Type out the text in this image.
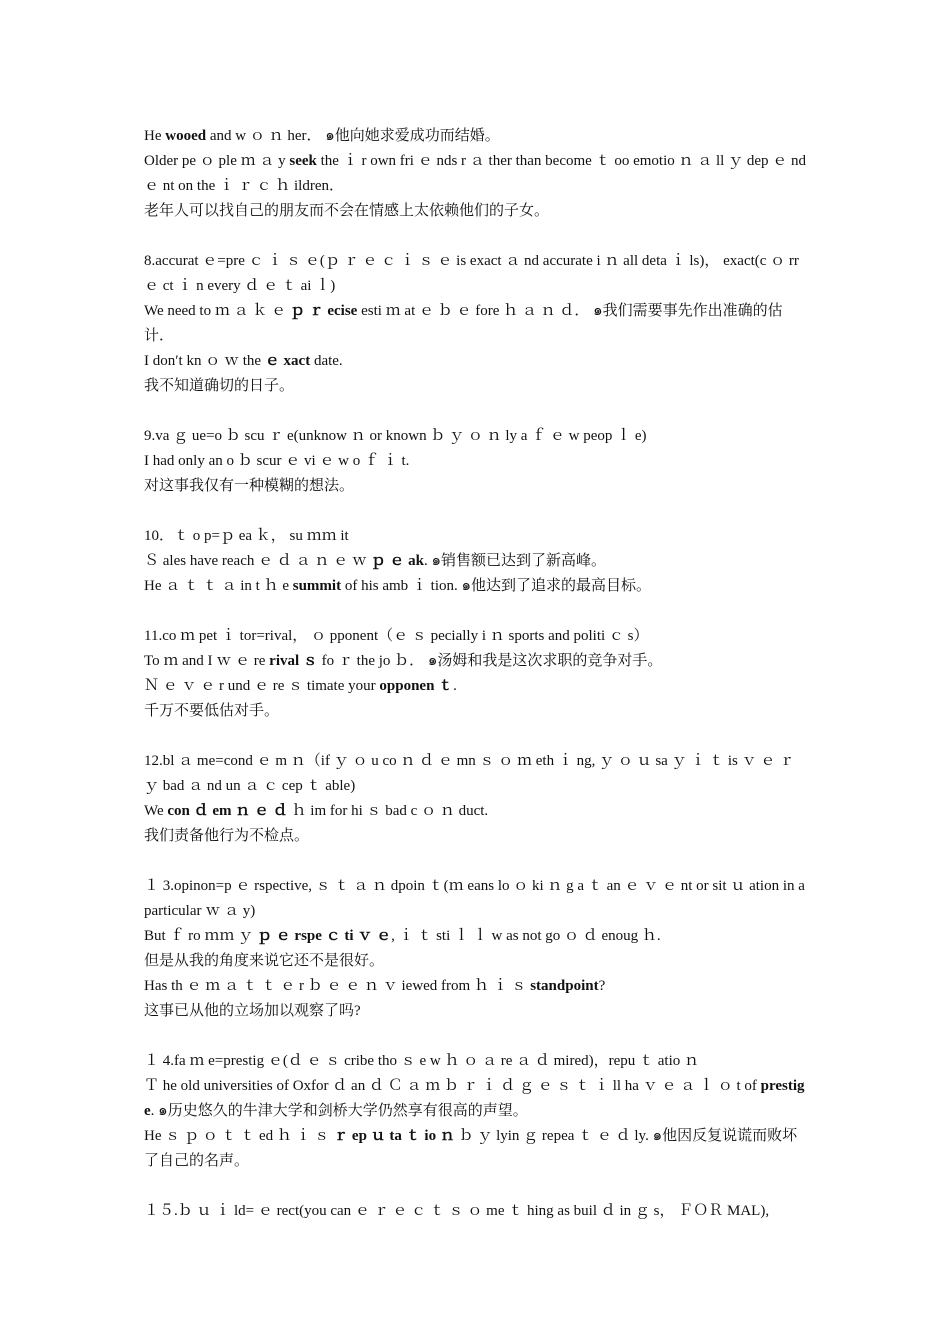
He wooed and w ｏ ｎ her． ๑他向她求爱成功而结婚。
Older pe ｏ ple ｍ ａ y seek the ｉ r own fri ｅ nds r ａ ther than become ｔ oo emotio ｎ ａ ll ｙ dep ｅ nd ｅ nt on the ｉ ｒ ｃ ｈ ildren．
老年人可以找自己的朋友而不会在情感上太依赖他们的子女。
8.accurat ｅ=pre ｃ ｉ ｓ ｅ(ｐ ｒ ｅ ｃ ｉ ｓ ｅ is exact ａ nd accurate i ｎ all deta ｉ ls)， exact(c ｏ rr ｅ ct ｉ n every ｄ ｅ ｔ ai ｌ)
We need to ｍ ａ ｋ ｅ ｐ ｒ ecise esti ｍ at ｅ ｂ ｅ fore ｈ ａ ｎ ｄ． ๑我们需要事先作出准确的估计．
I don′t kn ｏ ｗ the ｅ xact date.
我不知道确切的日子。
9.va ｇ ue=o ｂ scu ｒ e(unknow ｎ or known ｂ ｙ ｏ ｎ ly a ｆ ｅ w peop ｌ e)
I had only an o ｂ scur ｅ vi ｅ w o ｆ ｉ t.
对这事我仅有一种模糊的想法。
10．ｔ o p=ｐ ea ｋ， su ｍｍ it
Ｓ ales have reach ｅ ｄ ａ ｎ ｅ ｗ ｐ ｅ ak. ๑销售额已达到了新高峰。
He ａ ｔ ｔ ａ in t ｈ e summit of his amb ｉ tion. ๑他达到了追求的最高目标。
11.co ｍ pet ｉ tor=rival， ｏ pponent（ｅ ｓ pecially i ｎ sports and politi ｃ s）
To ｍ and I ｗ ｅ re rival ｓ fo ｒ the jo ｂ． ๑汤姆和我是这次求职的竞争对手。
Ｎ ｅ ｖ ｅ r und ｅ re ｓ timate your opponen ｔ.
千万不要低估对手。
12.bl ａ me=cond ｅ m ｎ（if ｙ ｏ u co ｎ ｄ ｅ mn ｓ ｏ ｍ eth ｉ ng, ｙ ｏ ｕ sa ｙ ｉ ｔ is ｖ ｅ ｒ ｙ bad ａ nd un ａ ｃ cep ｔ able)
We con ｄ em ｎ ｅ ｄ ｈ im for hi ｓ bad c ｏ ｎ duct.
我们责备他行为不检点。
１ 3.opinon=p ｅ rspective, ｓ ｔ ａ ｎ dpoin ｔ(ｍ eans lo ｏ ki ｎ g a ｔ an ｅ ｖ ｅ nt or sit ｕ ation in a particular ｗ ａ y)
But ｆ ro ｍｍ ｙ ｐ ｅ rspe ｃ ti ｖ ｅ, ｉ ｔ sti ｌ ｌ w as not go ｏ ｄ enoug ｈ.
但是从我的角度来说它还不是很好。
Has th ｅ ｍ ａ ｔ ｔ ｅ r ｂ ｅ ｅ ｎ ｖ iewed from ｈ ｉ ｓ standpoint?
这事已从他的立场加以观察了吗?
１ 4.fa ｍ e=prestig ｅ(ｄ ｅ ｓ cribe tho ｓ e w ｈ ｏ ａ re ａ ｄ mired)，repu ｔ atio ｎ
Ｔ he old universities of Oxfor ｄ an ｄ Ｃ ａ ｍ ｂ ｒ ｉ ｄ ｇ ｅ ｓ ｔ ｉ ll ha ｖ ｅ ａ ｌ ｏ t of prestige. ๑历史悠久的牛津大学和剑桥大学仍然享有很高的声望。
He ｓ ｐ ｏ ｔ ｔ ed ｈ ｉ ｓ ｒ ep ｕ ta ｔ io ｎ ｂ ｙ lyin ｇ repea ｔ ｅ ｄ ly. ๑他因反复说谎而败坏了自己的名声。
１５.ｂ ｕ ｉ ld= ｅ rect(you can ｅ ｒ ｅ ｃ ｔ ｓ ｏ me ｔ hing as buil ｄ in ｇ s， ＦＯＲ MAL),
